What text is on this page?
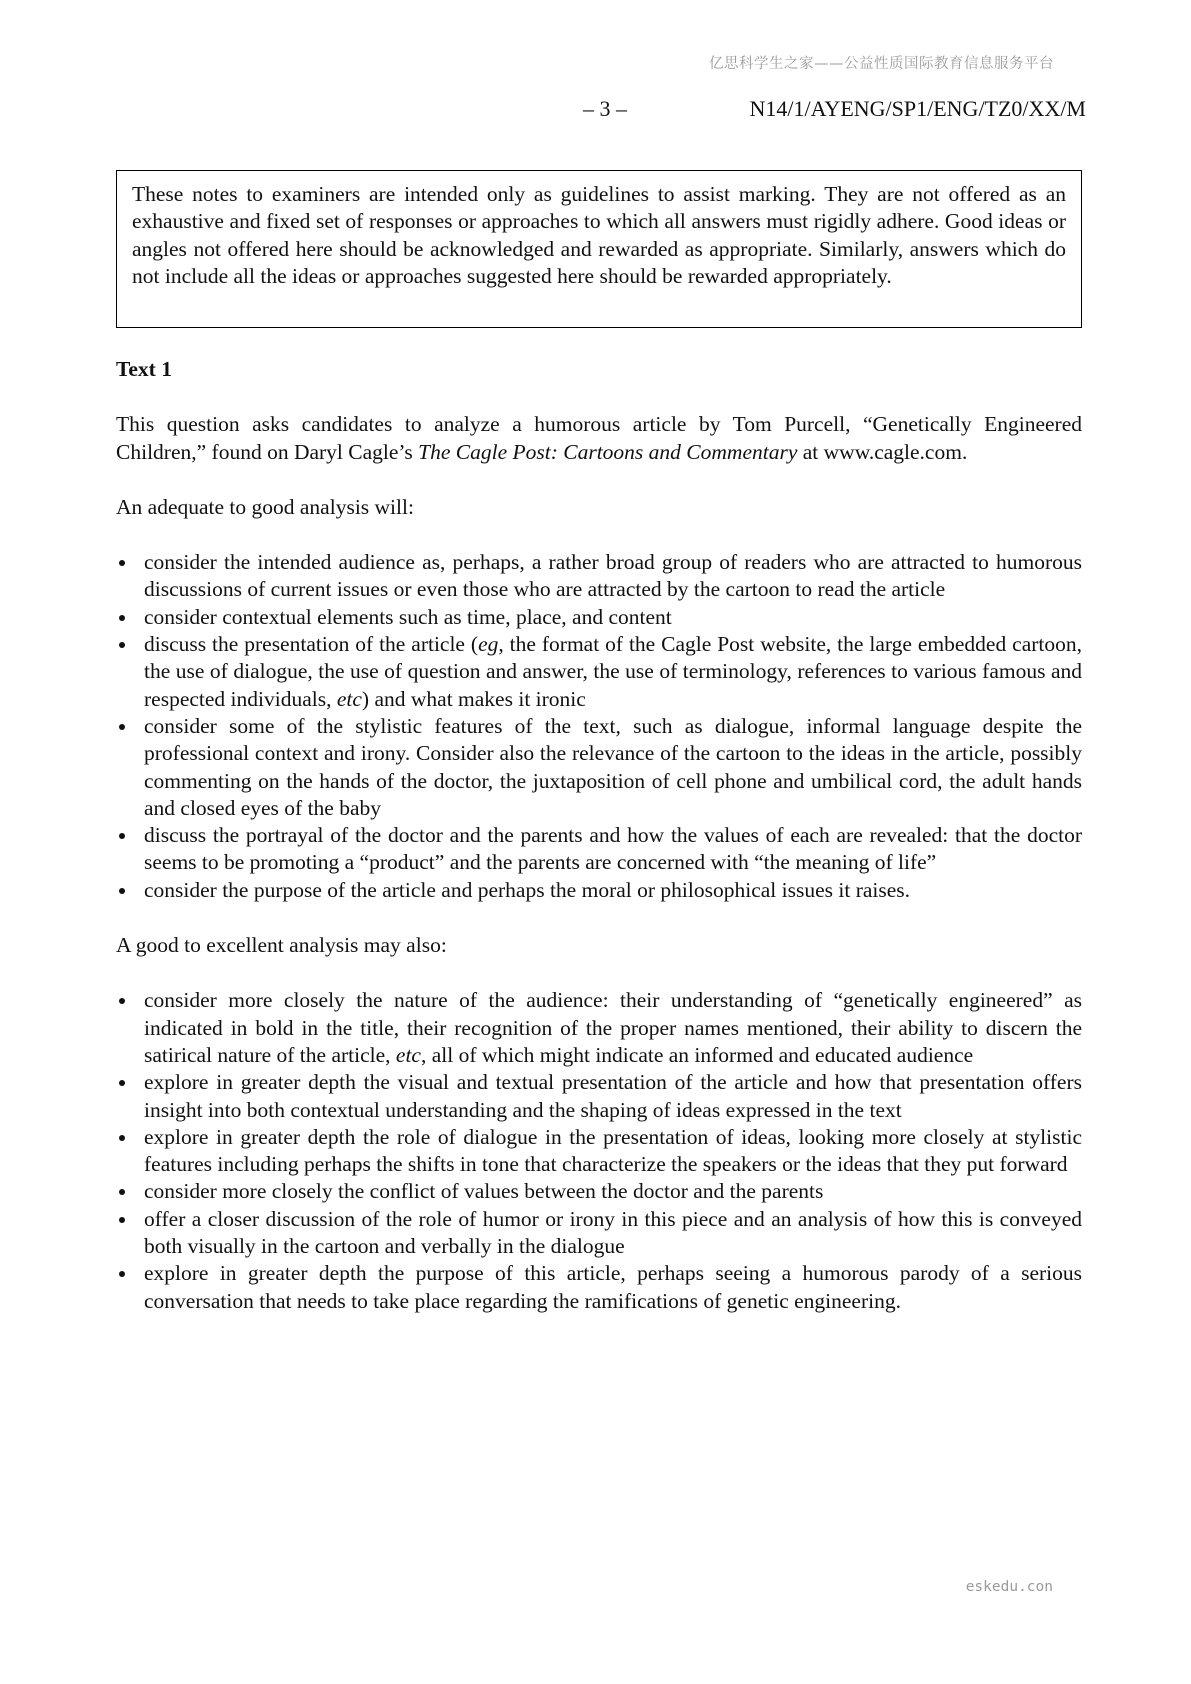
亿思科学生之家——公益性质国际教育信息服务平台
– 3 –	N14/1/AYENG/SP1/ENG/TZ0/XX/M
These notes to examiners are intended only as guidelines to assist marking. They are not offered as an exhaustive and fixed set of responses or approaches to which all answers must rigidly adhere. Good ideas or angles not offered here should be acknowledged and rewarded as appropriate. Similarly, answers which do not include all the ideas or approaches suggested here should be rewarded appropriately.
Text 1

This question asks candidates to analyze a humorous article by Tom Purcell, “Genetically Engineered Children,” found on Daryl Cagle’s The Cagle Post: Cartoons and Commentary at www.cagle.com.

An adequate to good analysis will:

consider the intended audience as, perhaps, a rather broad group of readers who are attracted to humorous discussions of current issues or even those who are attracted by the cartoon to read the article
consider contextual elements such as time, place, and content
discuss the presentation of the article (eg, the format of the Cagle Post website, the large embedded cartoon, the use of dialogue, the use of question and answer, the use of terminology, references to various famous and respected individuals, etc) and what makes it ironic
consider some of the stylistic features of the text, such as dialogue, informal language despite the professional context and irony. Consider also the relevance of the cartoon to the ideas in the article, possibly commenting on the hands of the doctor, the juxtaposition of cell phone and umbilical cord, the adult hands and closed eyes of the baby
discuss the portrayal of the doctor and the parents and how the values of each are revealed: that the doctor seems to be promoting a “product” and the parents are concerned with “the meaning of life”
consider the purpose of the article and perhaps the moral or philosophical issues it raises.

A good to excellent analysis may also:

consider more closely the nature of the audience: their understanding of “genetically engineered” as indicated in bold in the title, their recognition of the proper names mentioned, their ability to discern the satirical nature of the article, etc, all of which might indicate an informed and educated audience
explore in greater depth the visual and textual presentation of the article and how that presentation offers insight into both contextual understanding and the shaping of ideas expressed in the text
explore in greater depth the role of dialogue in the presentation of ideas, looking more closely at stylistic features including perhaps the shifts in tone that characterize the speakers or the ideas that they put forward
consider more closely the conflict of values between the doctor and the parents
offer a closer discussion of the role of humor or irony in this piece and an analysis of how this is conveyed both visually in the cartoon and verbally in the dialogue
explore in greater depth the purpose of this article, perhaps seeing a humorous parody of a serious conversation that needs to take place regarding the ramifications of genetic engineering.
eskedu.con
